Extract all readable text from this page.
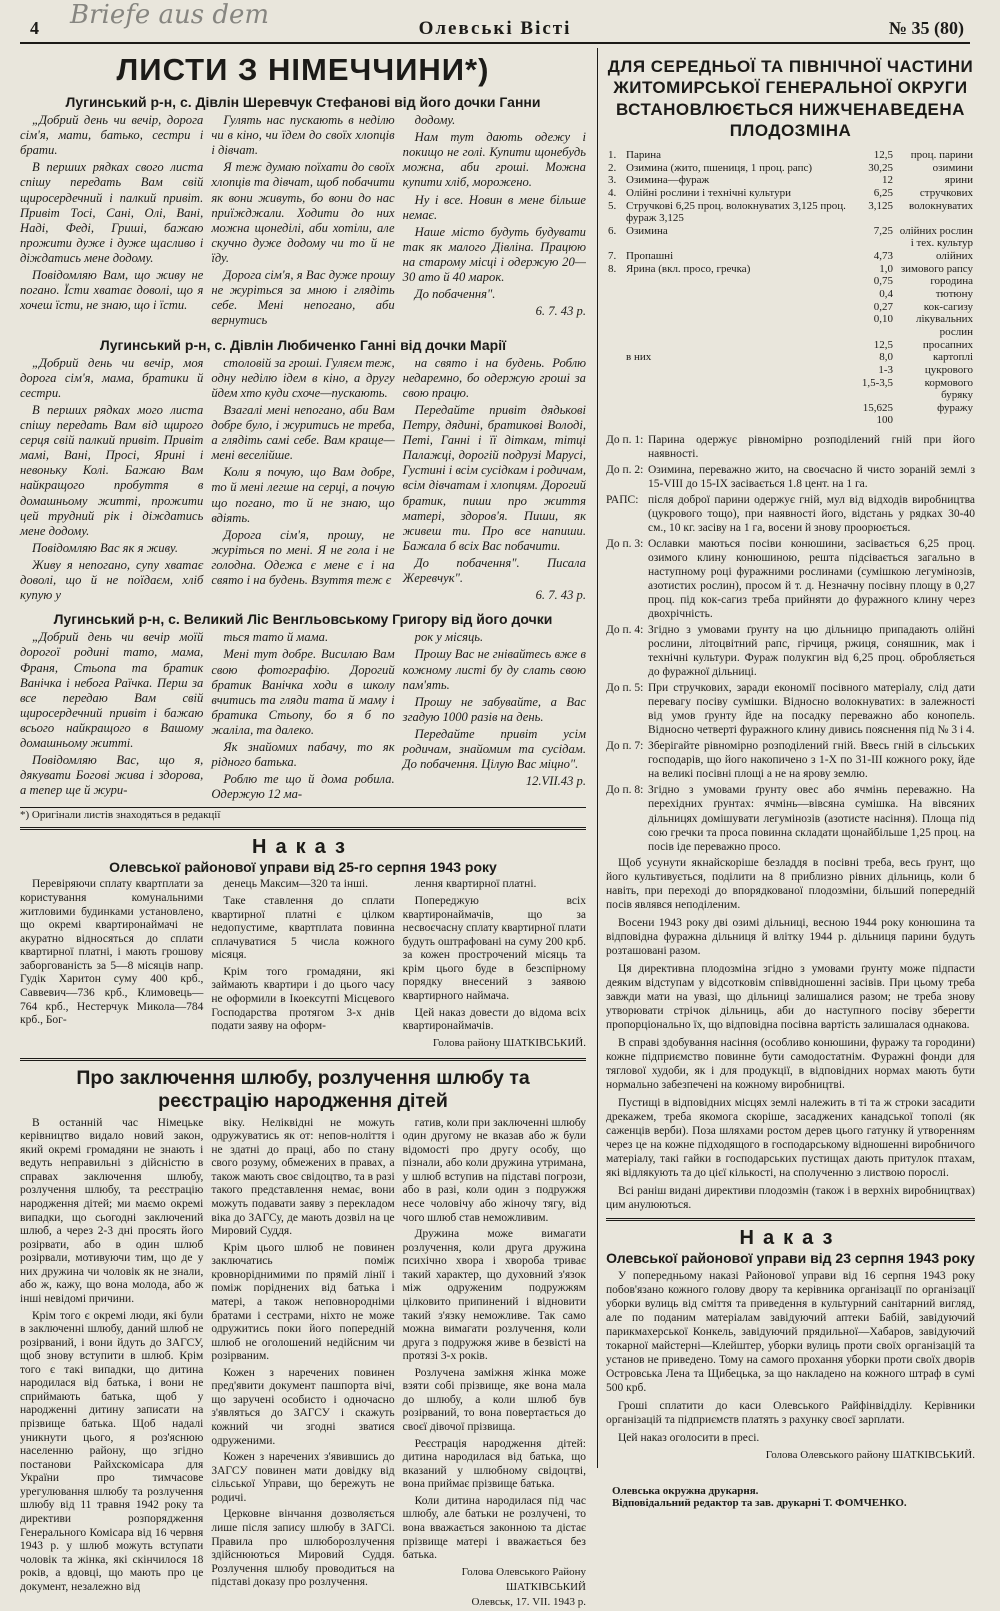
Briefe aus dem
4	Олевські Вісті	№ 35 (80)
ЛИСТИ З НІМЕЧЧИНИ*)
Лугинський р-н, с. Дівлін Шеревчук Стефанові від його дочки Ганни

„Добрий день чи вечір, дорога сім'я, мати, батько, сестри і брати.

В перших рядках свого листа спішу передать Вам свій щиросердечний і палкий привіт. Привіт Тосі, Сані, Олі, Вані, Наді, Феді, Гриші, бажаю прожити дуже і дуже щасливо і діждатись мене додому.

Повідомляю Вам, що живу не погано. Їсти хватає доволі, що я хочеш їсти, не знаю, що і їсти.

Гулять нас пускають в неділю чи в кіно, чи їдем до своїх хлопців і дівчат.

Я теж думаю поїхати до своїх хлопців та дівчат, щоб побачити як вони живуть, бо вони до нас приїжджали. Ходити до них можна щонеділі, аби хотіли, але скучно дуже додому чи то й не їду.

Дорога сім'я, я Вас дуже прошу не журіться за мною і глядіть себе. Мені непогано, аби вернутись

додому.

Нам тут дають одежу і покищо не голі. Купити щонебудь можна, аби гроші. Можна купити хліб, морожено.

Ну і все. Новин в мене більше немає.

Наше місто будуть будувати так як малого Дівліна. Працюю на старому місці і одержую 20—30 ато й 40 марок.

До побачення".

6. 7. 43 р.
Лугинський р-н, с. Дівлін Любиченко Ганні від дочки Марії

„Добрий день чи вечір, моя дорога сім'я, мама, братики й сестри.

В перших рядках мого листа спішу передать Вам від щирого серця свій палкий привіт. Привіт мамі, Вані, Просі, Ярині і невоньку Колі. Бажаю Вам найкращого пробуття в домашньому житті, прожити цей трудний рік і діждатись мене додому.

Повідомляю Вас як я живу.

Живу я непогано, супу хватає доволі, що й не поїдаєм, хліб купую у

столовій за гроші. Гуляєм теж, одну неділю ідем в кіно, а другу йдем хто куди схоче—пускають.

Взагалі мені непогано, аби Вам добре було, і журитись не треба, а глядіть самі себе. Вам краще—мені веселійше.

Коли я почую, що Вам добре, то й мені легше на серці, а почую що погано, то й не знаю, що вдіять.

Дорога сім'я, прошу, не журіться по мені. Я не гола і не голодна. Одежа є мене є і на свято і на будень. Взуття теж є

на свято і на будень. Роблю недаремно, бо одержую гроші за свою працю.

Передайте привіт дядькові Петру, дядині, братикові Володі, Петі, Ганні і її діткам, тітці Палажці, дорогій подрузі Марусі, Густині і всім сусідкам і родичам, всім дівчатам і хлопцям. Дорогий братик, пиши про життя матері, здоров'я. Пиши, як живеш ти. Про все напиши. Бажала б всіх Вас побачити.

До побачення". Писала Жеревчук".

6. 7. 43 р.
Лугинський р-н, с. Великий Ліс Венгльовському Григору від його дочки

„Добрий день чи вечір моїй дорогої родині тато, мама, Франя, Стьопа та братик Ванічка і небога Раїчка. Перш за все передаю Вам свій щиросердечний привіт і бажаю всього найкращого в Вашому домашньому житті.

Повідомляю Вас, що я, дякувати Богові жива і здорова, а тепер ще й жури-

ться тато й мама.

Мені тут добре. Висилаю Вам свою фотографію. Дорогий братик Ванічка ходи в школу вчитись та гляди тата й маму і братика Стьопу, бо я б по жаліла, та далеко.

Як знайомих пабачу, то як рідного батька.

Роблю те що й дома робила. Одержую 12 ма-

рок у місяць.

Прошу Вас не гнівайтесь вже в кожному листі бу ду слать свою пам'ять.

Прошу не забувайте, а Вас згадую 1000 разів на день.

Передайте привіт усім родичам, знайомим та сусідам. До побачення. Цілую Вас міцно".

12.VII.43 р.
*) Оригінали листів знаходяться в редакції
Наказ
Олевської районової управи від 25-го серпня 1943 року

Перевіряючи сплату квартплати за користування комунальними житловими будинками установлено, що окремі квартиронаймачі не акуратно відносяться до сплати квартирної платні, і мають грошову заборгованість за 5—8 місяців напр. Гудік Харитон суму 400 крб., Саввевич—736 крб., Климовець—764 крб., Нестерчук Микола—784 крб., Бог-

денець Максим—320 та інші.

Таке ставлення до сплати квартирної платні є цілком недопустиме, квартплата повинна сплачуватися 5 числа кожного місяця.

Крім того громадяни, які займають квартири і до цього часу не оформили в Ікоексутпі Місцевого Господарства протягом 3-х днів подати заяву на оформ-

лення квартирної платні.

Попереджую всіх квартиронаймачів, що за несвоєчасну сплату квартирної плати будуть оштрафовані на суму 200 крб. за кожен прострочений місяць та крім цього буде в безспірному порядку внесений з заявою квартирного наймача.

Цей наказ довести до відома всіх квартиронаймачів.

Голова району ШАТКІВСЬКИЙ.
Про заключення шлюбу, розлучення шлюбу та реєстрацію народження дітей

В останній час Німецьке керівництво видало новий закон, який окремі громадяни не знають і ведуть неправильні з дійсністю в справах заключення шлюбу, розлучення шлюбу, та реєстрацію народження дітей; ми маємо окремі випадки, що сьогодні заключений шлюб, а через 2-3 дні просять його розірвати, або в один шлюб розірвали, мотивуючи тим, що де у них дружина чи чоловік як не знали, або ж, кажу, що вона молода, або ж інші невідомі причини.

Крім того є окремі люди, які були в заключенні шлюбу, даний шлюб не розірваний, і вони йдуть до ЗАГСУ, щоб знову вступити в шлюб. Крім того є такі випадки, що дитина народилася від батька, і вони не сприймають батька, щоб у народженні дитину записати на прізвище батька. Щоб надалі уникнути цього, я роз'яснюю населенню району, що згідно постанови Райхскомісара для України про тимчасове урегулювання шлюбу та розлучення шлюбу від 11 травня 1942 року та директиви розпорядження Генерального Комісара від 16 червня 1943 р. у шлюб можуть вступати чоловік та жінка, які скінчилося 18 років, а вдовці, що мають про це документ, незалежно від

віку. Неліквідні не можуть одружуватись як от: непов-ноліття і не здатні до праці, або по стану свого розуму, обмежених в правах, а також мають своє свідоцтво, та в разі такого представлення немає, вони можуть подавати заяву з перекладом віка до ЗАГСу, де мають дозвіл на це Мировий Суддя.

Крім цього шлюб не повинен заключатись поміж кровноріднимими по прямій лінії і поміж поріднених від батька і матері, а також неповнородніми братами і сестрами, ніхто не може одружитись поки його попередній шлюб не оголошений недійсним чи розірваним.

Кожен з наречених повинен пред'явити документ пашпорта вічі, що заручені особисто і одночасно з'являться до ЗАГСУ і скажуть кожний чи згодні зватися одруженими.

Кожен з наречених з'явившись до ЗАГСУ повинен мати довідку від сільської Управи, що бережуть не родичі.

Церковне вінчання дозволяється лише після запису шлюбу в ЗАГСі. Правила про шлюборозлучення здійснюються Мировий Суддя. Розлучення шлюбу проводиться на підставі доказу про розлучення.

гатив, коли при заключенні шлюбу один другому не вказав або ж були відомості про другу особу, що пізнали, або коли дружина утримана, у шлюб вступив на підставі погрози, або в разі, коли один з подружжя несе чоловічу або жіночу тягу, від чого шлюб став неможливим.

Дружина може вимагати розлучення, коли друга дружина психічно хвора і хвороба триває такий характер, що духовний з'язок між одруженим подружжям цілковито припинений і відновити такий з'язку неможливе. Так само можна вимагати розлучення, коли друга з подружжя живе в безвісті на протязі 3-х років.

Розлучена заміжня жінка може взяти собі прізвище, яке вона мала до шлюбу, а коли шлюб був розірваний, то вона повертається до своєї дівочої прізвища.

Реєстрація народження дітей: дитина народилася від батька, що вказаний у шлюбному свідоцтві, вона приймає прізвище батька.

Коли дитина народилася під час шлюбу, але батьки не розлучені, то вона вважається законною та дістає прізвище матері і вважається без батька.

Голова Олевського Району
ШАТКІВСЬКИЙ
Олевськ, 17. VII. 1943 р.
ДЛЯ СЕРЕДНЬОЇ ТА ПІВНІЧНОЇ ЧАСТИНИ ЖИТОМИРСЬКОЇ ГЕНЕРАЛЬНОЇ ОКРУГИ ВСТАНОВЛЮЄТЬСЯ НИЖЧЕНАВЕДЕНА ПЛОДОЗМІНА
1.	Парина	12,5	проц. парини
2.	Озимина (жито, пшениця, 1 проц. рапс)	30,25	озимини
3.	Озимина—фураж	12	ярини
4.	Олійні рослини і технічні культури	6,25	стручкових
5.	Стручкові 6,25 проц. волокнуватих 3,125 проц.	3,125	волокнуватих
	фураж 3,125		
6.	Озимина	7,25	олійних рослин і тех. культур
7.	Пропашні	4,73	олійних
8.	Ярина (вкл. просо, гречка)	1,0	зимового рапсу
		0,75	городина
		0,4	тютюну
		0,27	кок-сагизу
		0,10	лікувальних рослин
		12,5	просапних
	в них	8,0	картоплі
		1-3	цукрового
		1,5-3,5	кормового буряку
		15,625	фуражу
		100	
До п. 1: Парина одержує рівномірно розподілений гній при його наявності.
До п. 2: Озимина, переважно жито, на своєчасно й чисто зораній землі з 15-VIII до 15-IX засівається 1.8 цент. на 1 га.
РАПС: після доброї парини одержує гній, мул від відходів виробництва (цукрового тощо), при наявності його, відстань у рядках 30-40 см., 10 кг. засіву на 1 га, восени й знову проорюється.
До п. 3: Ославки маються посіви конюшини, засівається 6,25 проц. озимого клину конюшиною, решта підсівається загально в наступному році фуражними рослинами (сумішкою легумінозів, азотистих рослин), просом й т. д. Незначну посівну площу в 0,27 проц. під кок-сагиз треба прийняти до фуражного клину через двохрічність.
До п. 4: Згідно з умовами ґрунту на цю дільницю припадають олійні рослини, літоцвітний рапс, гірчиця, ржиця, соняшник, мак і технічні культури. Фураж полукгин від 6,25 проц. обробляється до фуражної дільниці.
До п. 5: При стручкових, заради економії посівного матеріалу, слід дати перевагу посіву сумішки. Відносно волокнуватих: в залежності від умов ґрунту йде на посадку переважно або конопель. Відносно четверті фуражного клину дивись пояснення під № 3 і 4.
До п. 7: Зберігайте рівномірно розподілений гній. Ввесь гній в сільських господарів, що його накопичено з 1-X по 31-III кожного року, йде на великі посівні площі а не на ярову землю.
До п. 8: Згідно з умовами ґрунту овес або ячмінь переважно. На перехідних ґрунтах: ячмінь—вівсяна сумішка. На вівсяних дільницях домішувати легумінозів (азотисте насіння). Площа під сою гречки та проса повинна складати щонайбільше 1,25 проц. на посів іде переважно просо.

Щоб усунути якнайскоріше безладдя в посівні треба, весь ґрунт, що його культивується, подiлити на 8 приблизно рівних дільниць, коли б навіть, при переході до впорядкованої плодозміни, більший попередній посів являвся неподіленим.

Восени 1943 року дві озимі дільниці, весною 1944 року конюшина та відповідна фуражна дільниця й влітку 1944 р. дільниця парини будуть розташовані разом.

Ця директивна плодозміна згідно з умовами ґрунту може підпасти деяким відступам у відсотковім співвідношенні засівів. При цьому треба завжди мати на увазі, що дільниці залишалися разом; не треба знову утворювати стрічок дільниць, аби до наступного посіву зберегти пропорціонально їх, що відповідна посівна вартість залишалася однакова.

В справі здобування насіння (особливо конюшини, фуражу та городини) кожне підприємство повинне бути самодостатнім. Фуражні фонди для тяглової худоби, як і для продукції, в відповідних нормах мають бути нормально забезпечені на кожному виробництві.

Пустищі в відповідних місцях землі належить в ті та ж строки засадити дрекажем, треба якомога скоріше, засаджених канадської тополі (як саженців верби). Поза шляхами ростом дерев цього гатунку й утворенням через це на кожне підходящого в господарському відношенні виробничого матеріалу, такі гайки в господарських пустищах дають притулок птахам, які відлякують та до цієї кількості, на сполученню з листвою порослі.

Всі раніш видані директиви плодозмін (також і в верхніх виробництвах) цим анулюються.

Наказ
Олевської районової управи від 23 серпня 1943 року

У попередньому наказі Районової управи від 16 серпня 1943 року побов'язано кожного голову двору та керівника організації по організації уборки вулиць від сміття та приведення в культурний санітарний вигляд, але по поданим матеріалам завідуючий аптеки Бабій, завідуючий парикмахерської Конкель, завідуючий прядильної—Хабаров, завідуючий токарної майстерні—Клейштер, уборки вулиць проти своїх організацій та установ не приведено. Тому на самого прохання уборки проти своїх дворів Островська Лена та Щибецька, за що накладено на кожного штраф в сумі 500 крб.

Гроші сплатити до каси Олевського Райфінвідділу. Керівники організацій та підприємств платять з рахунку своєї зарплати.

Цей наказ оголосити в пресі.

Голова Олевського району ШАТКІВСЬКИЙ.
Олевська окружна друкарня.
Відповідальний редактор та зав. друкарні Т. ФОМЧЕНКО.
